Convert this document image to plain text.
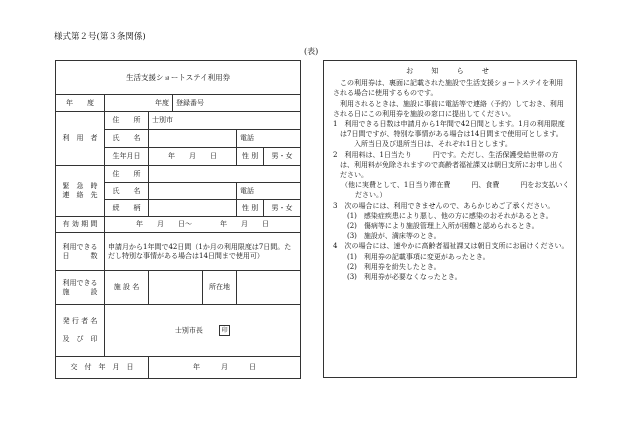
様式第２号(第３条関係)
(表)
生活支援ショートステイ利用券						
年　　度	年度		登録番号			
利　用　者	住　　所	士別市				
	氏　　名				電話	
	生年月日	年　　月　　日			性 別	男・女
緊　急　時
連　絡　先	住　　所					
	氏　　名				電話	
	続　　柄				性 別	男・女
有 効 期 間	年　　月　　日～　　　　年　　月　　日					
利用できる
日　　　数	申請月から1年間で42日間（1か月の利用限度は7日間。ただし特別な事情がある場合は14日間まで使用可）					
利用できる
施　　　設	施 設 名			所在地		
発 行 者 名

及　び　印	士別市長 印					
交　付　年　月　日		年　　　月　　　日				

お 知 ら せ

この利用券は、裏面に記載された施設で生活支援ショートステイを利用される場合に使用するものです。

利用されるときは、施設に事前に電話等で連絡（予約）しておき、利用される日にこの利用券を施設の窓口に提出してください。

1　利用できる日数は申請月から1年間で42日間とします。1月の利用限度は7日間ですが、特別な事情がある場合は14日間まで使用可とします。

入所当日及び退所当日は、それぞれ1日とします。

2　利用料は、1日当たり　　　円です。ただし、生活保護受給世帯の方は、利用料が免除されますので高齢者福祉課又は朝日支所にお申し出ください。

（他に実費として、1日当り滞在費　　　円、食費　　　円をお支払いください。）

3　次の場合には、利用できませんので、あらかじめご了承ください。

(1)　感染症疾患により悪し、他の方に感染のおそれがあるとき。

(2)　傷病等により施設管理上入所が困難と認められるとき。

(3)　施設が、満床等のとき。

4　次の場合には、速やかに高齢者福祉課又は朝日支所にお届けください。

(1)　利用券の記載事項に変更があったとき。

(2)　利用券を紛失したとき。

(3)　利用券が必要なくなったとき。
